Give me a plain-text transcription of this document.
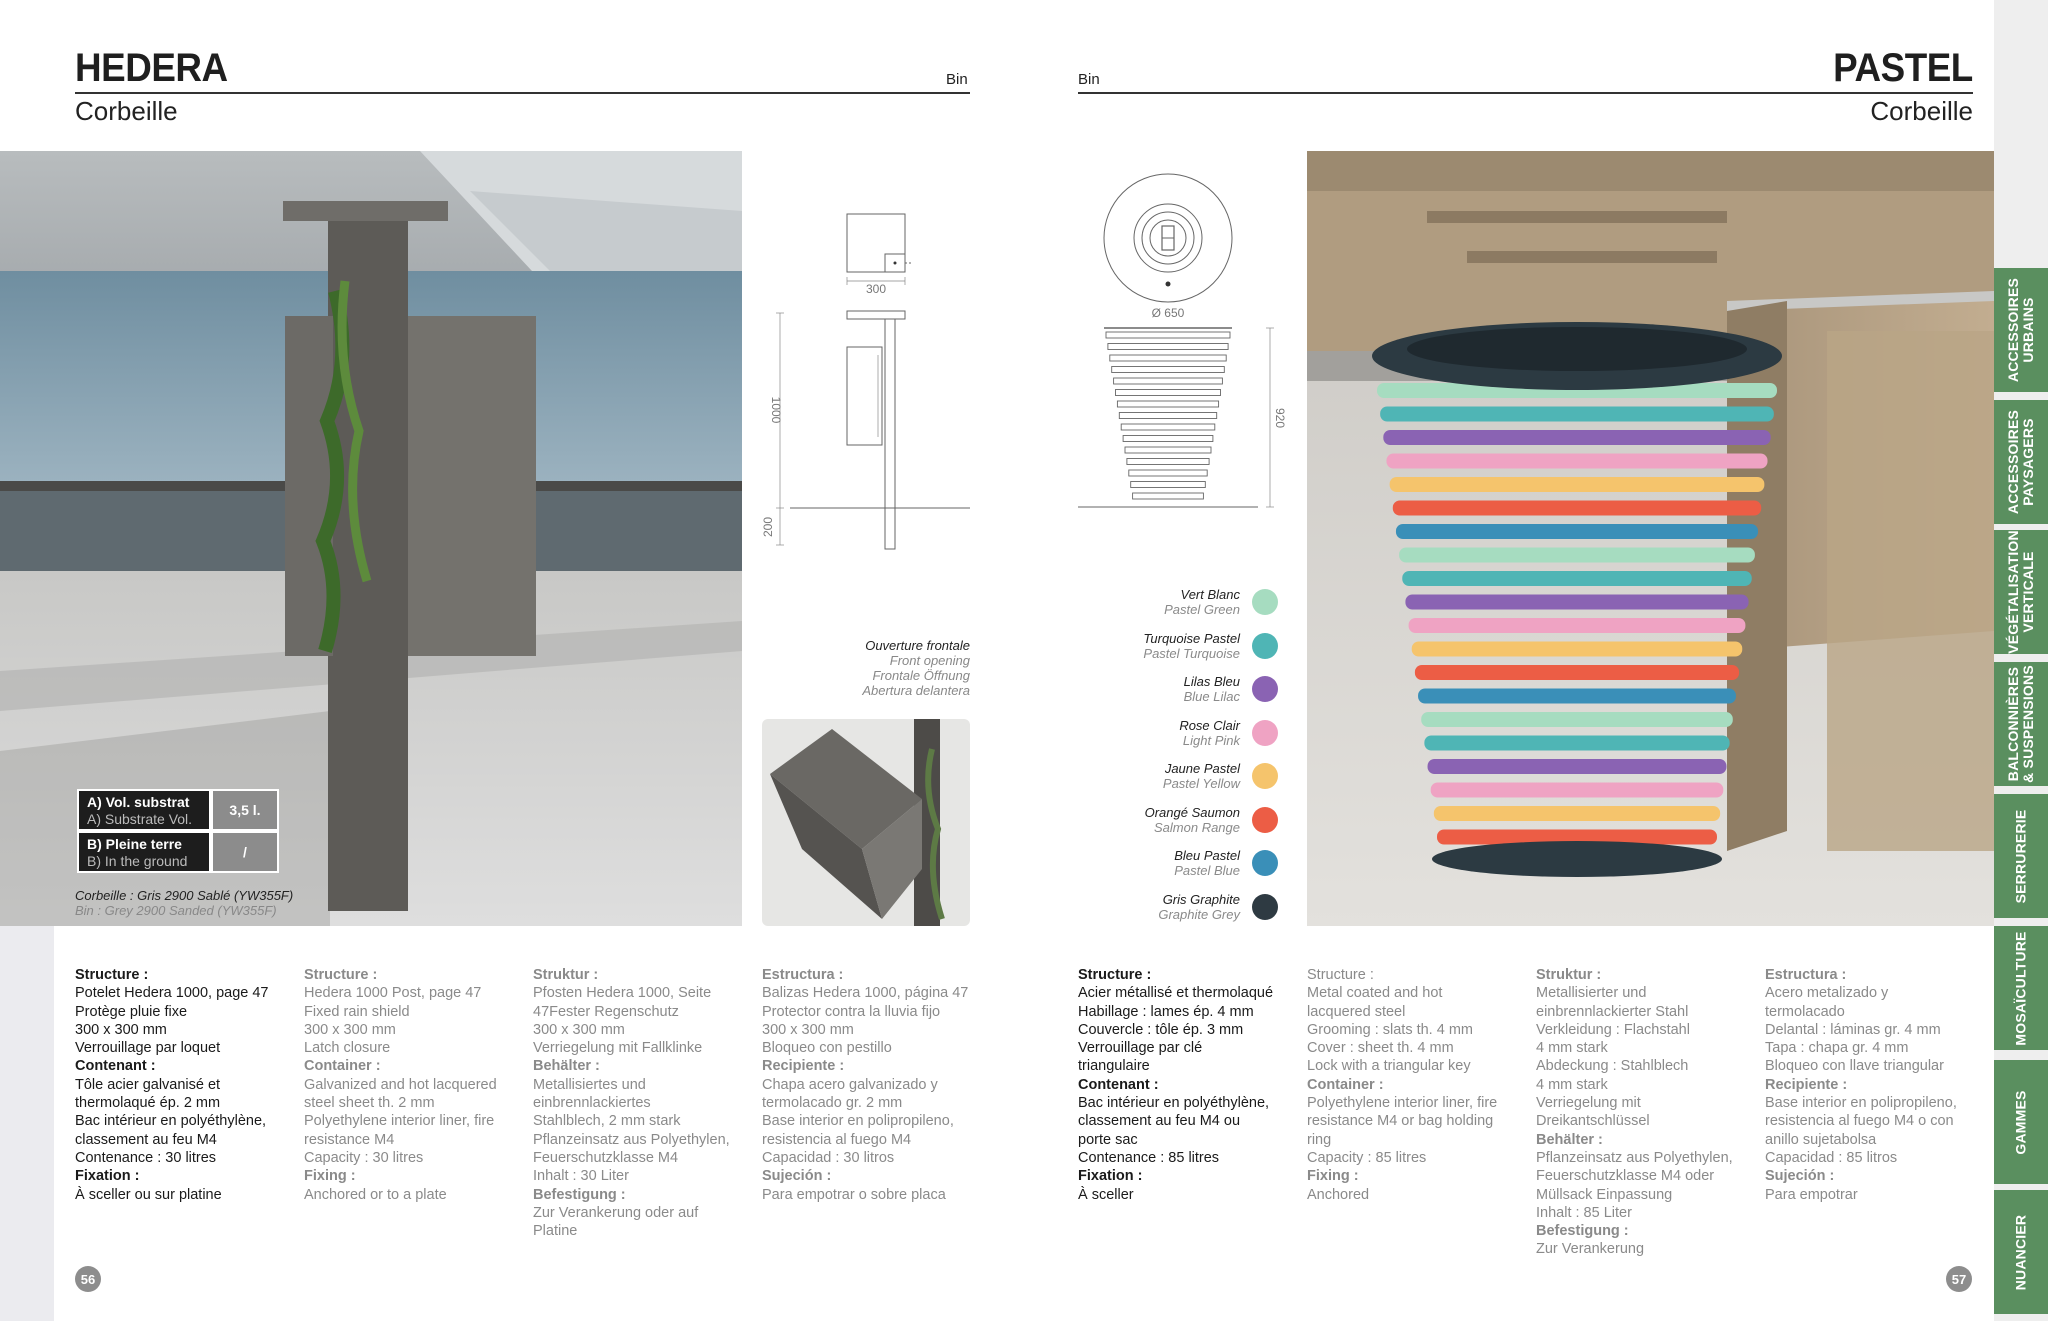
HEDERA
Corbeille
Bin
A) Vol. substrat
A) Substrate Vol.
3,5 l.
B) Pleine terre
B) In the ground
/
Corbeille : Gris 2900 Sablé (YW355F)
Bin : Grey 2900 Sanded (YW355F)
300
1000
200
Ouverture frontale
Front opening
Frontale Öffnung
Abertura delantera
Structure :
Potelet Hedera 1000, page 47
Protège pluie fixe
300 x 300 mm
Verrouillage par loquet
Contenant :
Tôle acier galvanisé et
thermolaqué ép. 2 mm
Bac intérieur en polyéthylène,
classement au feu M4
Contenance : 30 litres
Fixation :
À sceller ou sur platine
Structure :
Hedera 1000 Post, page 47
Fixed rain shield
300 x 300 mm
Latch closure
Container :
Galvanized and hot lacquered
steel sheet th. 2 mm
Polyethylene interior liner, fire
resistance M4
Capacity : 30 litres
Fixing :
Anchored or to a plate
Struktur :
Pfosten Hedera 1000, Seite
47Fester Regenschutz
300 x 300 mm
Verriegelung mit Fallklinke
Behälter :
Metallisiertes und
einbrennlackiertes
Stahlblech, 2 mm stark
Pflanzeinsatz aus Polyethylen,
Feuerschutzklasse M4
Inhalt : 30 Liter
Befestigung :
Zur Verankerung oder auf
Platine
Estructura :
Balizas Hedera 1000, página 47
Protector contra la lluvia fijo
300 x 300 mm
Bloqueo con pestillo
Recipiente :
Chapa acero galvanizado y
termolacado gr. 2 mm
Base interior en polipropileno,
resistencia al fuego M4
Capacidad : 30 litros
Sujeción :
Para empotrar o sobre placa
56
Bin	PASTEL
Corbeille
Ø 650
920
Vert Blanc
Pastel Green
Turquoise Pastel
Pastel Turquoise
Lilas Bleu
Blue Lilac
Rose Clair
Light Pink
Jaune Pastel
Pastel Yellow
Orangé Saumon
Salmon Range
Bleu Pastel
Pastel Blue
Gris Graphite
Graphite Grey
Structure :
Acier métallisé et thermolaqué
Habillage : lames ép. 4 mm
Couvercle : tôle ép. 3 mm
Verrouillage par clé
triangulaire
Contenant :
Bac intérieur en polyéthylène,
classement au feu M4 ou
porte sac
Contenance : 85 litres
Fixation :
À sceller
Structure :
Metal coated and hot
lacquered steel
Grooming : slats th. 4 mm
Cover : sheet th. 4 mm
Lock with a triangular key
Container :
Polyethylene interior liner, fire
resistance M4 or bag holding
ring
Capacity : 85 litres
Fixing :
Anchored
Struktur :
Metallisierter und
einbrennlackierter Stahl
Verkleidung : Flachstahl
4 mm stark
Abdeckung : Stahlblech
4 mm stark
Verriegelung mit
Dreikantschlüssel
Behälter :
Pflanzeinsatz aus Polyethylen,
Feuerschutzklasse M4 oder
Müllsack Einpassung
Inhalt : 85 Liter
Befestigung :
Zur Verankerung
Estructura :
Acero metalizado y
termolacado
Delantal : láminas gr. 4 mm
Tapa : chapa gr. 4 mm
Bloqueo con llave triangular
Recipiente :
Base interior en polipropileno,
resistencia al fuego M4 o con
anillo sujetabolsa
Capacidad : 85 litros
Sujeción :
Para empotrar
57
ACCESSOIRES
URBAINS
ACCESSOIRES
PAYSAGERS
VÉGÉTALISATION
VERTICALE
BALCONNIÈRES
& SUSPENSIONS
SERRURERIE
MOSAÏCULTURE
GAMMES
NUANCIER
